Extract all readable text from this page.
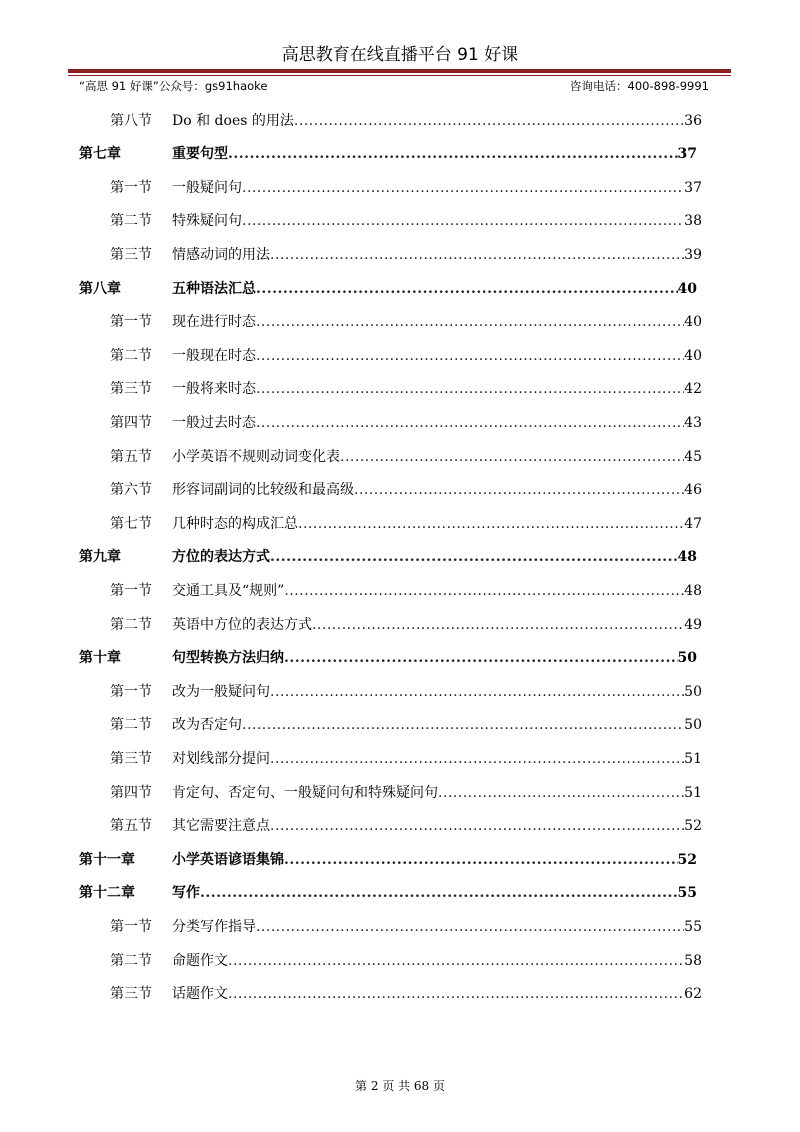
高思教育在线直播平台 91 好课
“高思 91 好课”公众号：gs91haoke	咨询电话：400-898-9991
第八节 Do 和 does 的用法 .....	36
第七章	重要句型 .....	37
第一节 一般疑问句 .....	37
第二节 特殊疑问句 .....	38
第三节 情感动词的用法 .....	39
第八章	五种语法汇总 .....	40
第一节 现在进行时态 .....	40
第二节 一般现在时态 .....	40
第三节 一般将来时态 .....	42
第四节 一般过去时态 .....	43
第五节 小学英语不规则动词变化表 .....	45
第六节 形容词副词的比较级和最高级 .....	46
第七节 几种时态的构成汇总 .....	47
第九章	方位的表达方式 .....	48
第一节 交通工具及“规则” .....	48
第二节 英语中方位的表达方式 .....	49
第十章	句型转换方法归纳 .....	50
第一节 改为一般疑问句 .....	50
第二节 改为否定句 .....	50
第三节 对划线部分提问 .....	51
第四节 肯定句、否定句、一般疑问句和特殊疑问句 .....	51
第五节 其它需要注意点 .....	52
第十一章	小学英语谚语集锦 .....	52
第十二章	写作 .....	55
第一节 分类写作指导 .....	55
第二节 命题作文 .....	58
第三节 话题作文 .....	62
第 2 页 共 68 页
